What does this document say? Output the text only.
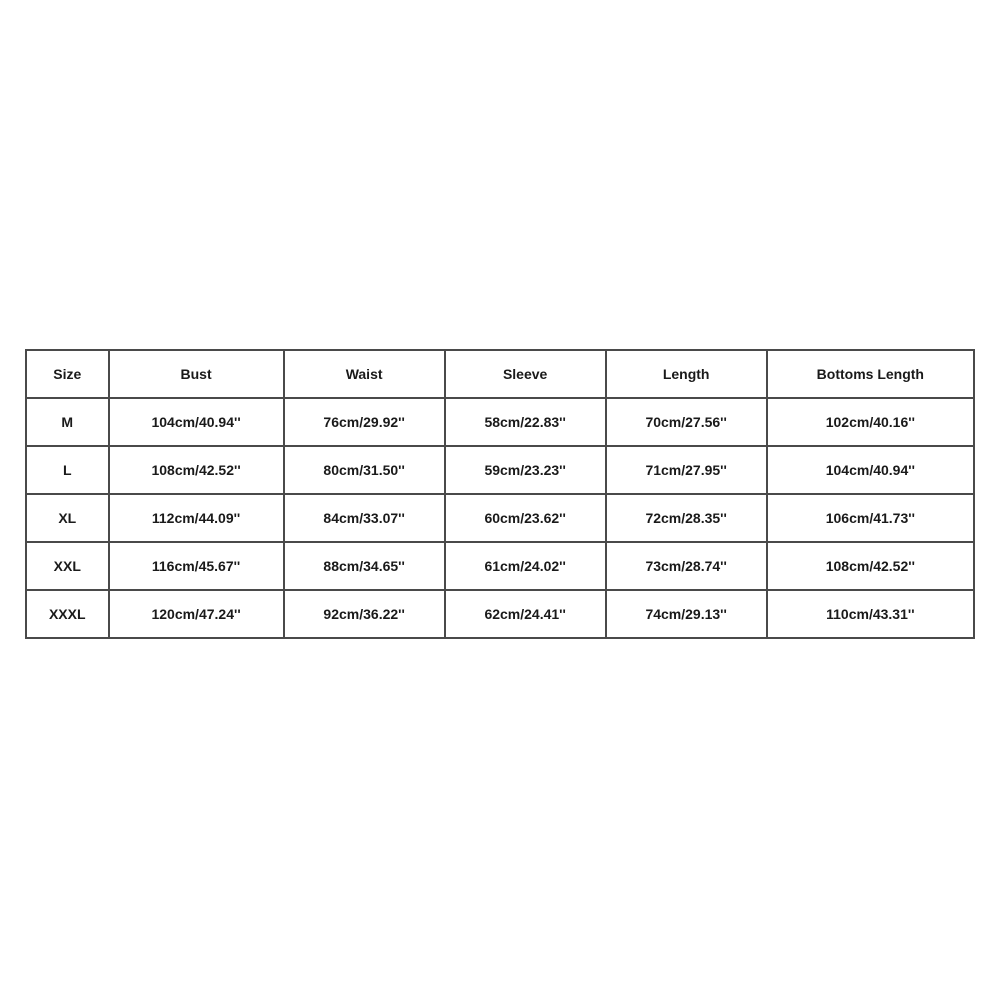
Size	Bust	Waist	Sleeve	Length	Bottoms Length
M	104cm/40.94''	76cm/29.92''	58cm/22.83''	70cm/27.56''	102cm/40.16''
L	108cm/42.52''	80cm/31.50''	59cm/23.23''	71cm/27.95''	104cm/40.94''
XL	112cm/44.09''	84cm/33.07''	60cm/23.62''	72cm/28.35''	106cm/41.73''
XXL	116cm/45.67''	88cm/34.65''	61cm/24.02''	73cm/28.74''	108cm/42.52''
XXXL	120cm/47.24''	92cm/36.22''	62cm/24.41''	74cm/29.13''	110cm/43.31''
